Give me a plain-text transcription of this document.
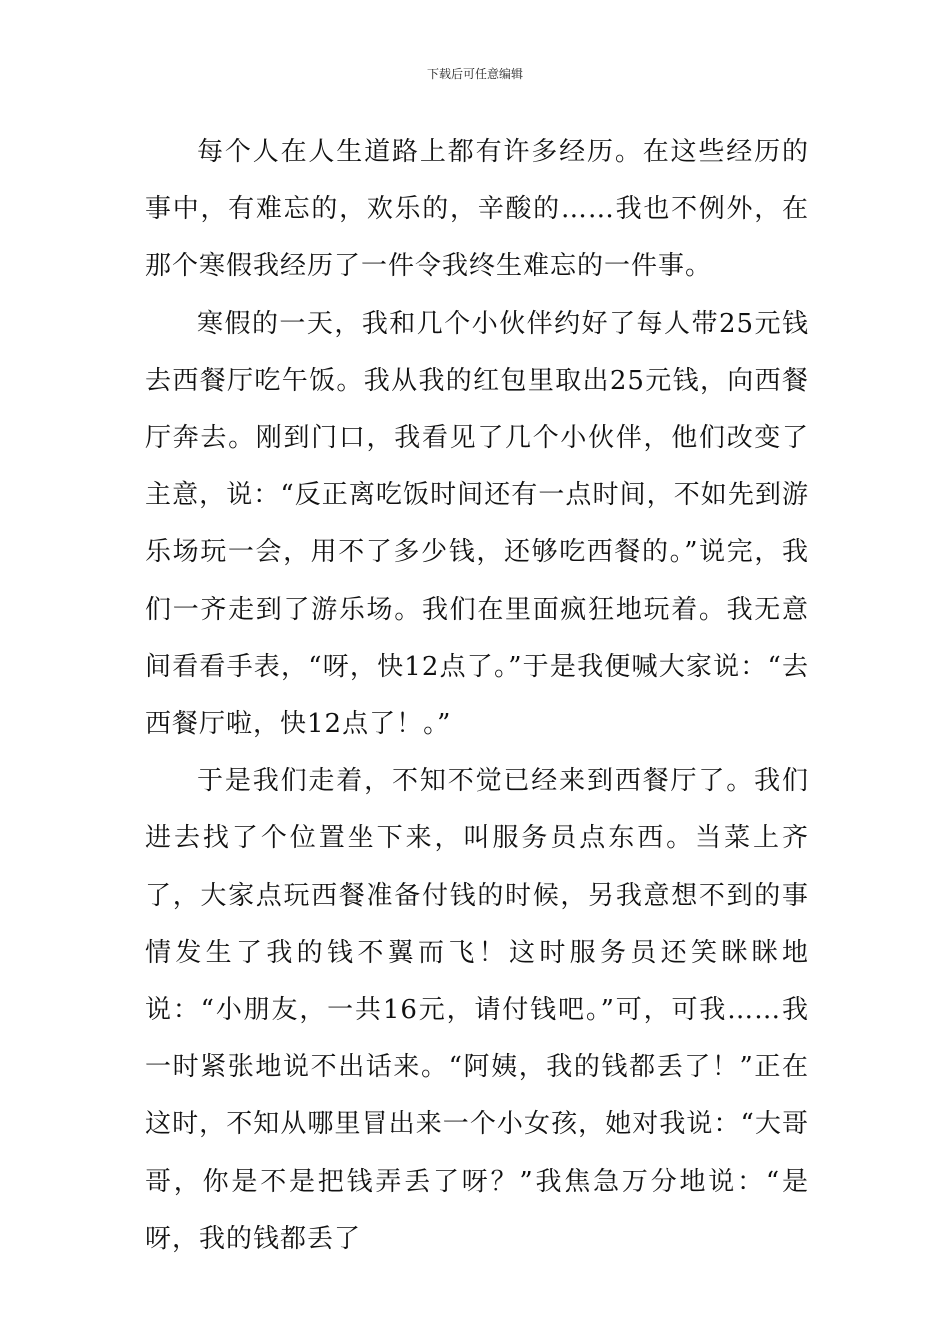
下载后可任意编辑

每个人在人生道路上都有许多经历。在这些经历的事中，有难忘的，欢乐的，辛酸的……我也不例外，在那个寒假我经历了一件令我终生难忘的一件事。

寒假的一天，我和几个小伙伴约好了每人带25元钱去西餐厅吃午饭。我从我的红包里取出25元钱，向西餐厅奔去。刚到门口，我看见了几个小伙伴，他们改变了主意，说：“反正离吃饭时间还有一点时间，不如先到游乐场玩一会，用不了多少钱，还够吃西餐的。”说完，我们一齐走到了游乐场。我们在里面疯狂地玩着。我无意间看看手表，“呀，快12点了。”于是我便喊大家说：“去西餐厅啦，快12点了！。”

于是我们走着，不知不觉已经来到西餐厅了。我们进去找了个位置坐下来，叫服务员点东西。当菜上齐了，大家点玩西餐准备付钱的时候，另我意想不到的事情发生了我的钱不翼而飞！这时服务员还笑眯眯地说：“小朋友，一共16元，请付钱吧。”可，可我……我一时紧张地说不出话来。“阿姨，我的钱都丢了！”正在这时，不知从哪里冒出来一个小女孩，她对我说：“大哥哥，你是不是把钱弄丢了呀？”我焦急万分地说：“是呀，我的钱都丢了
